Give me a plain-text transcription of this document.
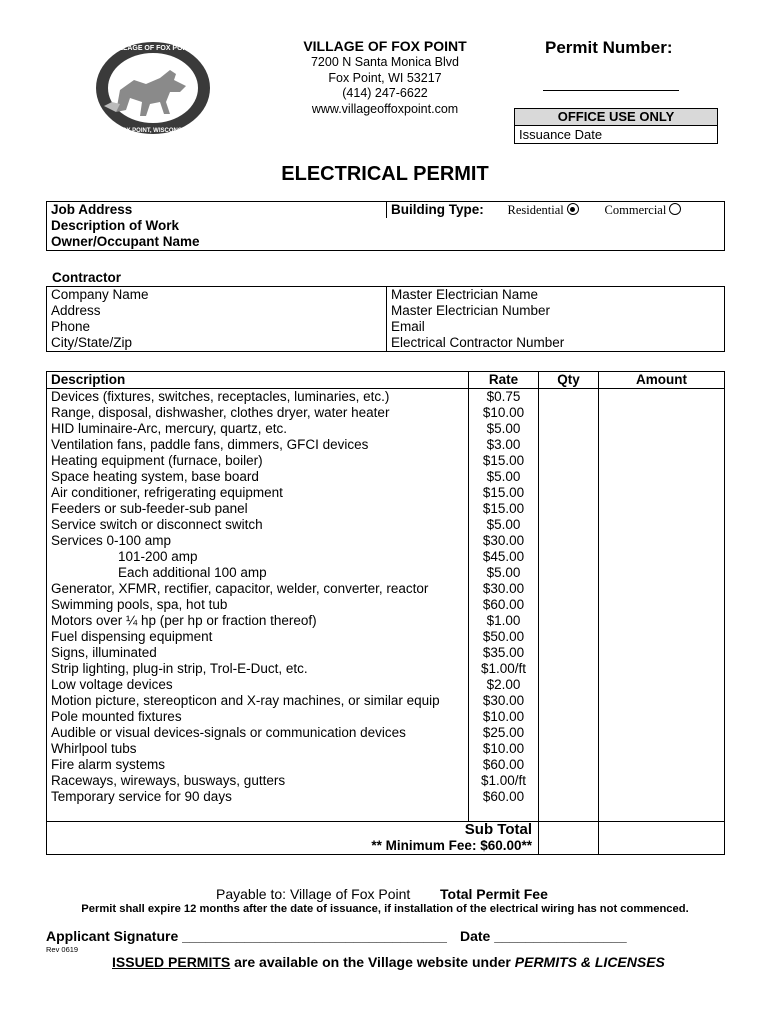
VILLAGE OF FOX POINT
FOX POINT, WISCONSIN
VILLAGE OF FOX POINT
7200 N Santa Monica Blvd
Fox Point, WI 53217
(414) 247-6622
www.villageoffoxpoint.com
Permit Number:
OFFICE USE ONLY
Issuance Date
ELECTRICAL PERMIT
Job Address	Building Type: Residential	Commercial
Description of Work
Owner/Occupant Name
Contractor
Company Name	Master Electrician Name
Address	Master Electrician Number
Phone	Email
City/State/Zip	Electrical Contractor Number
Description	Rate	Qty	Amount
Devices (fixtures, switches, receptacles, luminaries, etc.)	$0.75		
Range, disposal, dishwasher, clothes dryer, water heater	$10.00		
HID luminaire-Arc, mercury, quartz, etc.	$5.00		
Ventilation fans, paddle fans, dimmers, GFCI devices	$3.00		
Heating equipment (furnace, boiler)	$15.00		
Space heating system, base board	$5.00		
Air conditioner, refrigerating equipment	$15.00		
Feeders or sub-feeder-sub panel	$15.00		
Service switch or disconnect switch	$5.00		
Services 0-100 amp	$30.00		
101-200 amp	$45.00		
Each additional 100 amp	$5.00		
Generator, XFMR, rectifier, capacitor, welder, converter, reactor	$30.00		
Swimming pools, spa, hot tub	$60.00		
Motors over ¼ hp (per hp or fraction thereof)	$1.00		
Fuel dispensing equipment	$50.00		
Signs, illuminated	$35.00		
Strip lighting, plug-in strip, Trol-E-Duct, etc.	$1.00/ft		
Low voltage devices	$2.00		
Motion picture, stereopticon and X-ray machines, or similar equip	$30.00		
Pole mounted fixtures	$10.00		
Audible or visual devices-signals or communication devices	$25.00		
Whirlpool tubs	$10.00		
Fire alarm systems	$60.00		
Raceways, wireways, busways, gutters	$1.00/ft		
Temporary service for 90 days	$60.00		

Sub Total			
** Minimum Fee: $60.00**			
Total Permit Fee
Payable to: Village of Fox Point
Permit shall expire 12 months after the date of issuance, if installation of the electrical wiring has not commenced.
Applicant Signature __________________________________ Date _________________
Rev 0619
ISSUED PERMITS are available on the Village website under PERMITS & LICENSES
